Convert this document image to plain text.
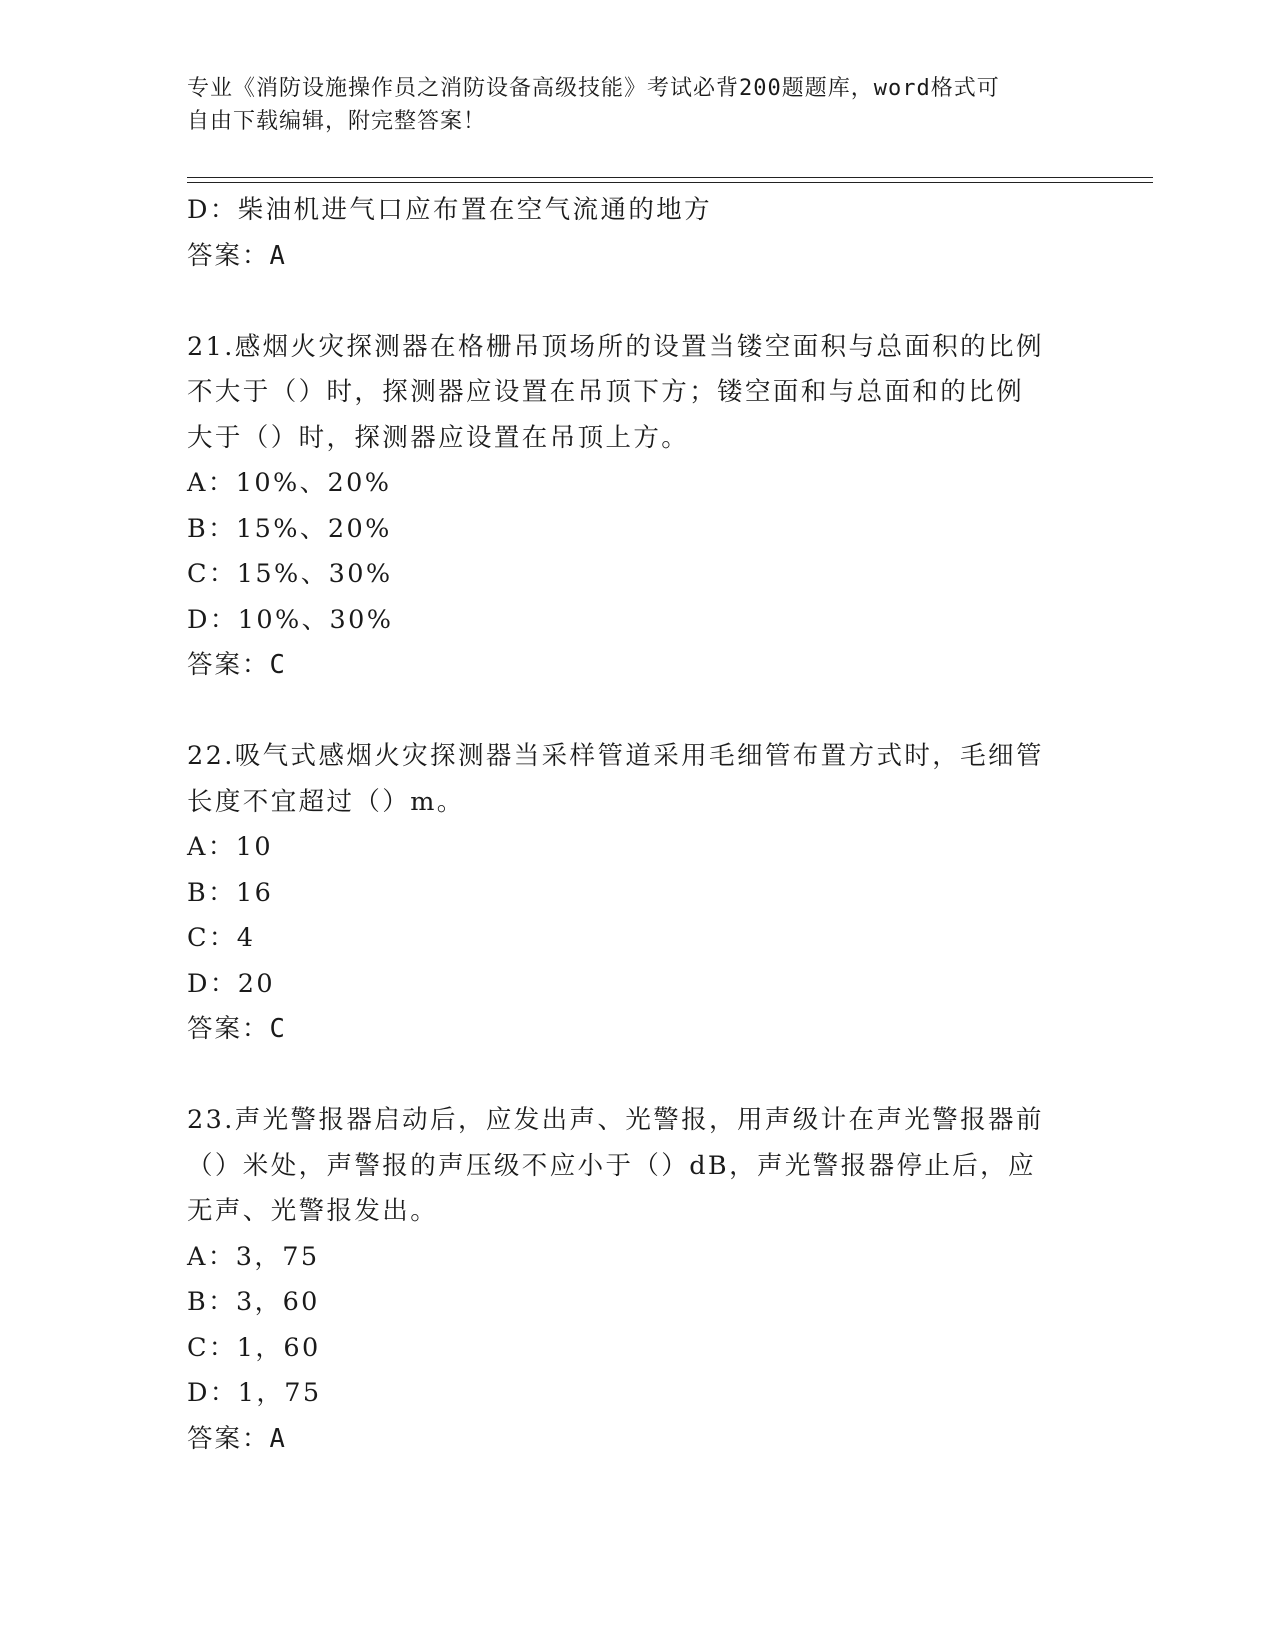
专业《消防设施操作员之消防设备高级技能》考试必背200题题库，word格式可
自由下载编辑，附完整答案！
D：柴油机进气口应布置在空气流通的地方
答案：A
21.感烟火灾探测器在格栅吊顶场所的设置当镂空面积与总面积的比例
不大于（）时，探测器应设置在吊顶下方；镂空面和与总面和的比例
大于（）时，探测器应设置在吊顶上方。
A：10%、20%
B：15%、20%
C：15%、30%
D：10%、30%
答案：C
22.吸气式感烟火灾探测器当采样管道采用毛细管布置方式时，毛细管
长度不宜超过（）m。
A：10
B：16
C：4
D：20
答案：C
23.声光警报器启动后，应发出声、光警报，用声级计在声光警报器前
（）米处，声警报的声压级不应小于（）dB，声光警报器停止后，应
无声、光警报发出。
A：3，75
B：3，60
C：1，60
D：1，75
答案：A
